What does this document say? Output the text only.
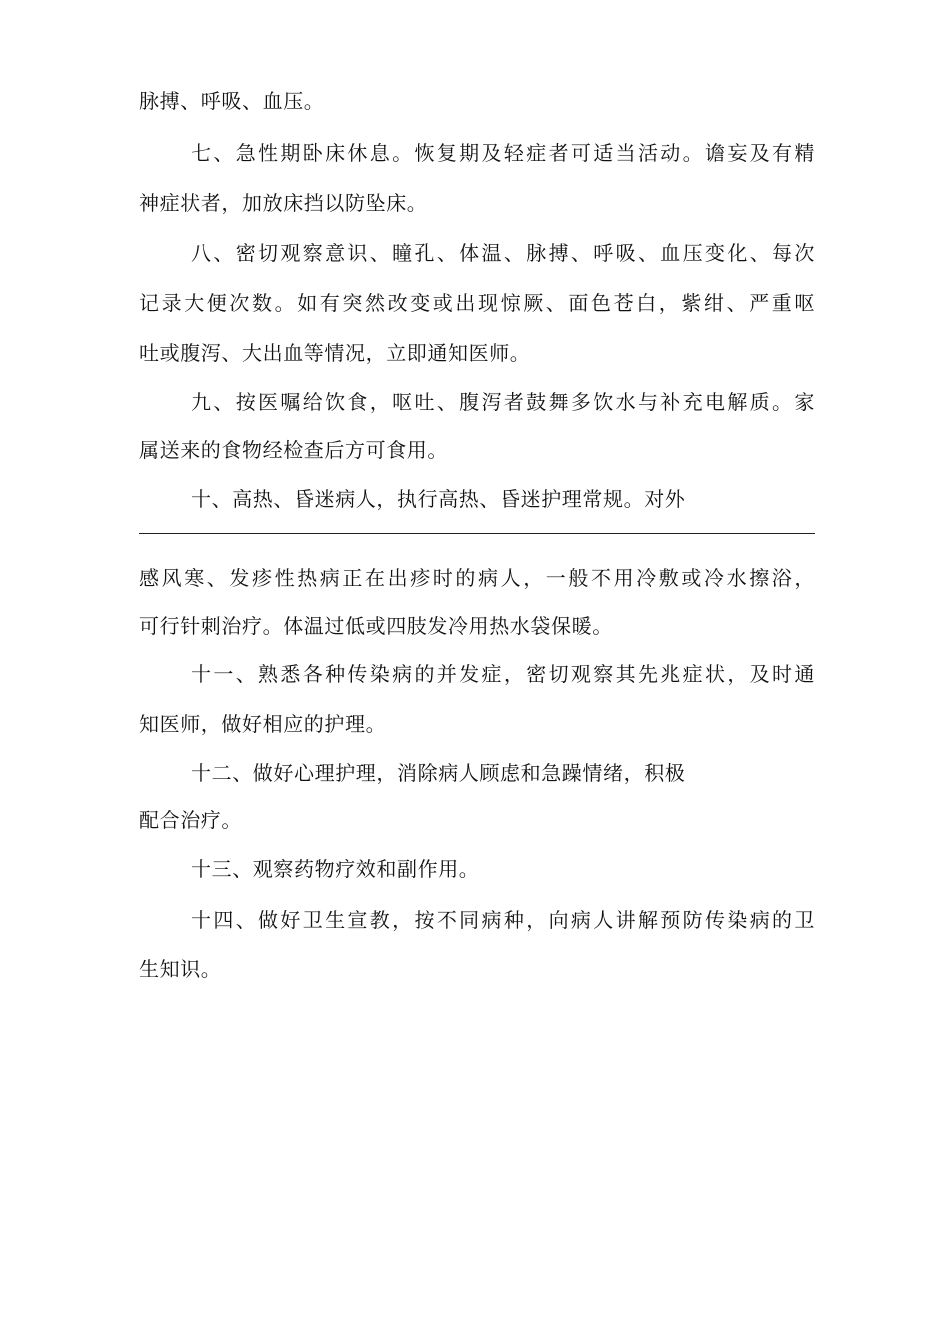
脉搏、呼吸、血压。
七、急性期卧床休息。恢复期及轻症者可适当活动。谵妄及有精
神症状者，加放床挡以防坠床。
八、密切观察意识、瞳孔、体温、脉搏、呼吸、血压变化、每次
记录大便次数。如有突然改变或出现惊厥、面色苍白，紫绀、严重呕
吐或腹泻、大出血等情况，立即通知医师。
九、按医嘱给饮食，呕吐、腹泻者鼓舞多饮水与补充电解质。家
属送来的食物经检查后方可食用。
十、高热、昏迷病人，执行高热、昏迷护理常规。对外
感风寒、发疹性热病正在出疹时的病人，一般不用冷敷或冷水擦浴，
可行针刺治疗。体温过低或四肢发冷用热水袋保暖。
十一、熟悉各种传染病的并发症，密切观察其先兆症状，及时通
知医师，做好相应的护理。
十二、做好心理护理，消除病人顾虑和急躁情绪，积极
配合治疗。
十三、观察药物疗效和副作用。
十四、做好卫生宣教，按不同病种，向病人讲解预防传染病的卫
生知识。
